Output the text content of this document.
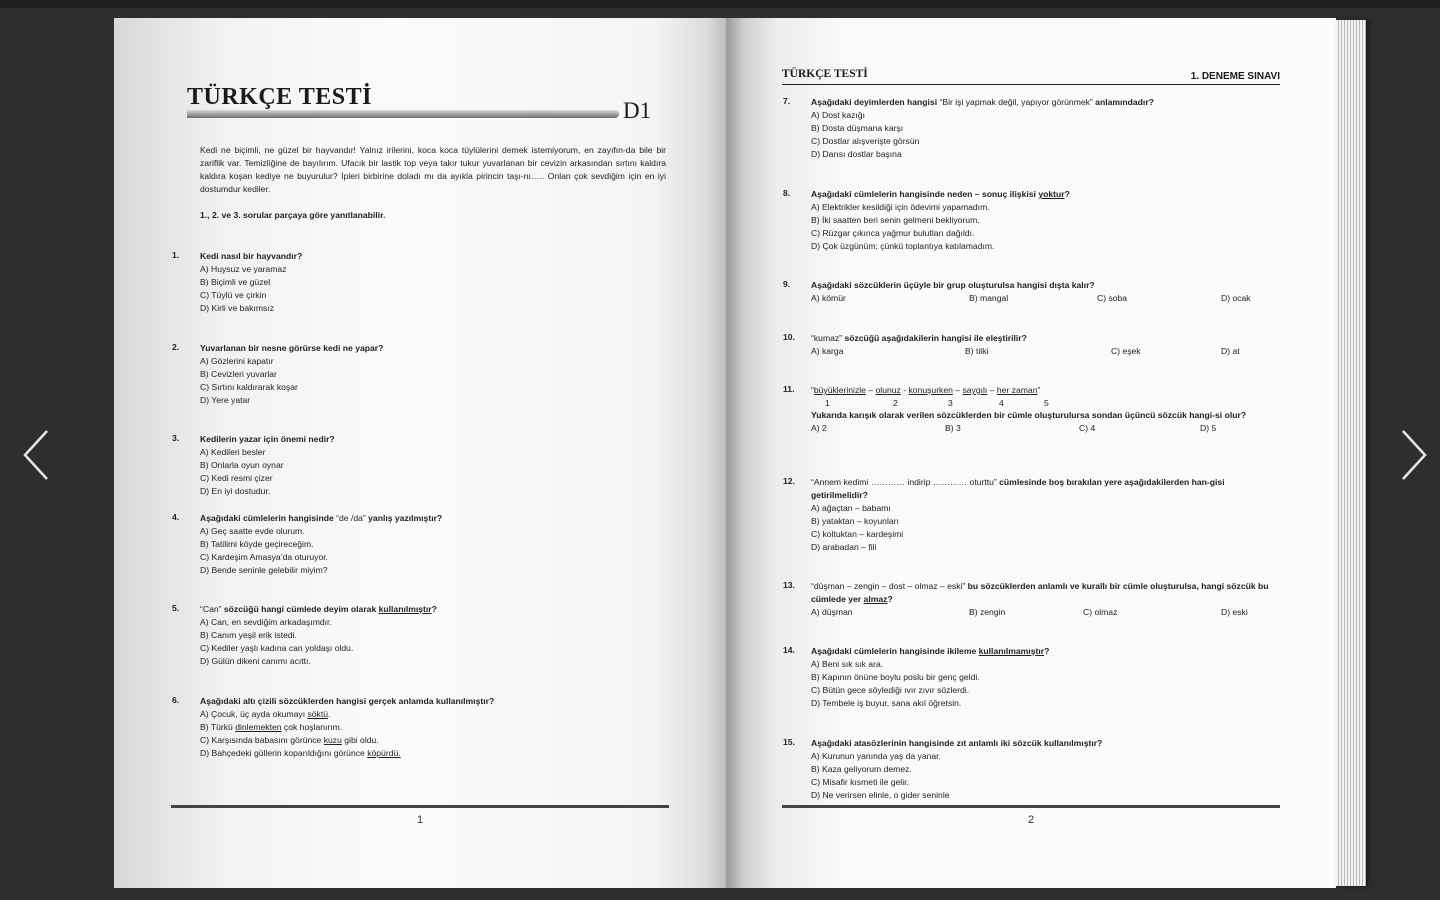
TÜRKÇE TESTİ
D1
Kedi ne biçimli, ne güzel bir hayvandır! Yalnız irilerini, koca koca tüylülerini demek istemiyorum, en zayıfın-da bile bir zariflik var. Temizliğine de bayılırım. Ufacık bir lastik top veya takır tukur yuvarlanan bir cevizin arkasından sırtını kaldıra kaldıra koşan kediye ne buyurulur? İpleri birbirine doladı mı da ayıkla pirincin taşı-nı….. Onlan çok sevdiğim için en iyi dostumdur kediler.
1., 2. ve 3. sorular parçaya göre yanıtlanabilir.
1. Kedi nasıl bir hayvandır?
A) Huysuz ve yaramaz
B) Biçimli ve güzel
C) Tüylü ve çirkin
D) Kirli ve bakımsız
2. Yuvarlanan bir nesne görürse kedi ne yapar?
A) Gözlerini kapatır
B) Cevizleri yuvarlar
C) Sırtını kaldırarak koşar
D) Yere yatar
3. Kedilerin yazar için önemi nedir?
A) Kedileri besler
B) Onlarla oyun oynar
C) Kedi resmi çizer
D) En iyi dostudur.
4. Aşağıdaki cümlelerin hangisinde “de /da” yanlış yazılmıştır?
A) Geç saatte evde olurum.
B) Tatilimi köyde geçireceğim.
C) Kardeşim Amasya’da oturuyor.
D) Bende seninle gelebilir miyim?
5. “Can” sözcüğü hangi cümlede deyim olarak kullanılmıştır?
A) Can, en sevdiğim arkadaşımdır.
B) Canım yeşil erik istedi.
C) Kediler yaşlı kadına can yoldaşı oldu.
D) Gülün dikeni canımı acıttı.
6. Aşağıdaki altı çizili sözcüklerden hangisi gerçek anlamda kullanılmıştır?
A) Çocuk, üç ayda okumayı söktü.
B) Türkü dinlemekten çok hoşlanırım.
C) Karşısında babasını görünce kuzu gibi oldu.
D) Bahçedeki güllerin koparıldığını görünce köpürdü.
1
TÜRKÇE TESTİ	1. DENEME SINAVI
7. Aşağıdaki deyimlerden hangisi “Bir işi yapmak değil, yapıyor görünmek” anlamındadır?
A) Dost kazığı
B) Dosta düşmana karşı
C) Dostlar alışverişte görsün
D) Darısı dostlar başına
8. Aşağıdaki cümlelerin hangisinde neden – sonuç ilişkisi yoktur?
A) Elektrikler kesildiği için ödevimi yapamadım.
B) İki saatten beri senin gelmeni bekliyorum.
C) Rüzgar çıkınca yağmur bulutları dağıldı.
D) Çok üzgünüm; çünkü toplantıya katılamadım.
9. Aşağıdaki sözcüklerin üçüyle bir grup oluşturulsa hangisi dışta kalır?
A) kömür	B) mangal	C) soba	D) ocak
10. “kumaz” sözcüğü aşağıdakilerin hangisi ile eleştirilir?
A) karga	B) tilki	C) eşek	D) at
11. “büyüklerinizle – olunuz - konuşurken – saygılı – her zaman”
1	2	3	4	5
Yukarıda karışık olarak verilen sözcüklerden bir cümle oluşturulursa sondan üçüncü sözcük hangi-si olur?
A) 2	B) 3	C) 4	D) 5
12. “Annem kedimi ………… indirip ………… oturttu” cümlesinde boş bırakılan yere aşağıdakilerden han-gisi getirilmelidir?
A) ağaçtan – babamı
B) yataktan – koyunları
C) koltuktan – kardeşimi
D) arabadan – fili
13. “düşman – zengin – dost – olmaz – eski” bu sözcüklerden anlamlı ve kurallı bir cümle oluşturulsa, hangi sözcük bu cümlede yer almaz?
A) düşman	B) zengin	C) olmaz	D) eski
14. Aşağıdaki cümlelerin hangisinde ikileme kullanılmamıştır?
A) Beni sık sık ara.
B) Kapının önüne boylu poslu bir genç geldi.
C) Bütün gece söylediği ıvır zıvır sözlerdi.
D) Tembele iş buyur, sana akıl öğretsin.
15. Aşağıdaki atasözlerinin hangisinde zıt anlamlı iki sözcük kullanılmıştır?
A) Kurunun yanında yaş da yanar.
B) Kaza geliyorum demez.
C) Misafir kısmeti ile gelir.
D) Ne verirsen elinle, o gider seninle
2
